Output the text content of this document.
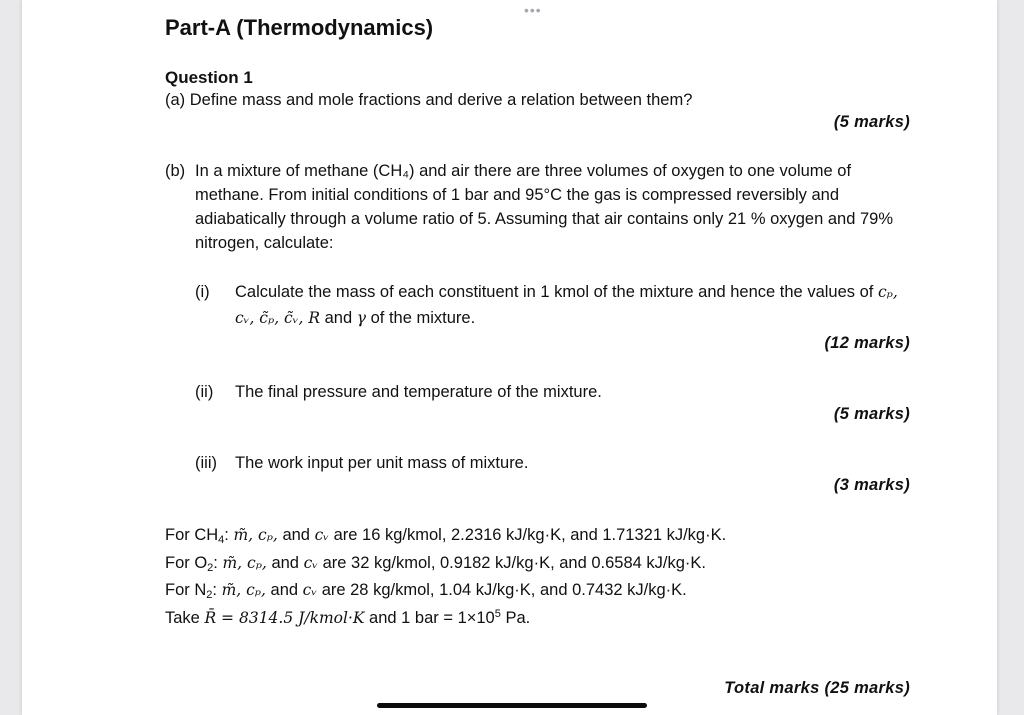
•••
Part-A (Thermodynamics)
Question 1
(a) Define mass and mole fractions and derive a relation between them?
(5 marks)
(b) In a mixture of methane (CH₄) and air there are three volumes of oxygen to one volume of
methane. From initial conditions of 1 bar and 95°C the gas is compressed reversibly and
adiabatically through a volume ratio of 5. Assuming that air contains only 21 % oxygen and 79%
nitrogen, calculate:
(i) Calculate the mass of each constituent in 1 kmol of the mixture and hence the values of cₚ,
cᵥ, c̃ₚ, c̃ᵥ, R and γ of the mixture.
(12 marks)
(ii) The final pressure and temperature of the mixture.
(5 marks)
(iii) The work input per unit mass of mixture.
(3 marks)
For $CH_4$: m̃, cₚ, and cᵥ are 16 kg/kmol, 2.2316 kJ/kg·K, and 1.71321 kJ/kg·K.
For $O_2$: m̃, cₚ, and cᵥ are 32 kg/kmol, 0.9182 kJ/kg·K, and 0.6584 kJ/kg·K.
For $N_2$: m̃, cₚ, and cᵥ are 28 kg/kmol, 1.04 kJ/kg·K, and 0.7432 kJ/kg·K.
Take R̄ = 8314.5 J/kmol·K and 1 bar = $1\times 10^5$ Pa.
Total marks (25 marks)
